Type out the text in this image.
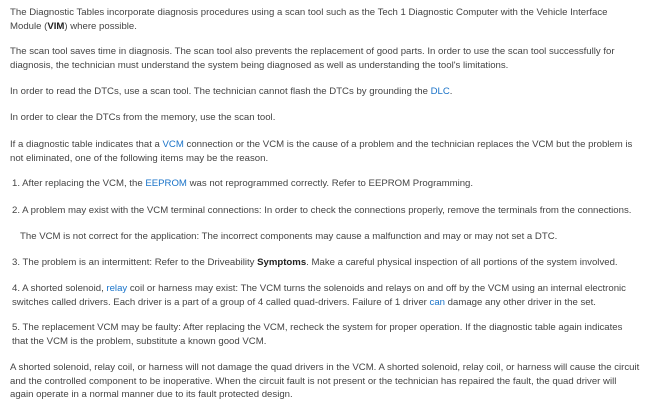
The Diagnostic Tables incorporate diagnosis procedures using a scan tool such as the Tech 1 Diagnostic Computer with the Vehicle Interface Module (VIM) where possible.

The scan tool saves time in diagnosis. The scan tool also prevents the replacement of good parts. In order to use the scan tool successfully for diagnosis, the technician must understand the system being diagnosed as well as understanding the tool's limitations.

In order to read the DTCs, use a scan tool. The technician cannot flash the DTCs by grounding the DLC.

In order to clear the DTCs from the memory, use the scan tool.

If a diagnostic table indicates that a VCM connection or the VCM is the cause of a problem and the technician replaces the VCM but the problem is not eliminated, one of the following items may be the reason.

1. After replacing the VCM, the EEPROM was not reprogrammed correctly. Refer to EEPROM Programming.

2. A problem may exist with the VCM terminal connections: In order to check the connections properly, remove the terminals from the connections.

The VCM is not correct for the application: The incorrect components may cause a malfunction and may or may not set a DTC.

3. The problem is an intermittent: Refer to the Driveability Symptoms. Make a careful physical inspection of all portions of the system involved.

4. A shorted solenoid, relay coil or harness may exist: The VCM turns the solenoids and relays on and off by the VCM using an internal electronic switches called drivers. Each driver is a part of a group of 4 called quad-drivers. Failure of 1 driver can damage any other driver in the set.

5. The replacement VCM may be faulty: After replacing the VCM, recheck the system for proper operation. If the diagnostic table again indicates that the VCM is the problem, substitute a known good VCM.

A shorted solenoid, relay coil, or harness will not damage the quad drivers in the VCM. A shorted solenoid, relay coil, or harness will cause the circuit and the controlled component to be inoperative. When the circuit fault is not present or the technician has repaired the fault, the quad driver will again operate in a normal manner due to its fault protected design.
